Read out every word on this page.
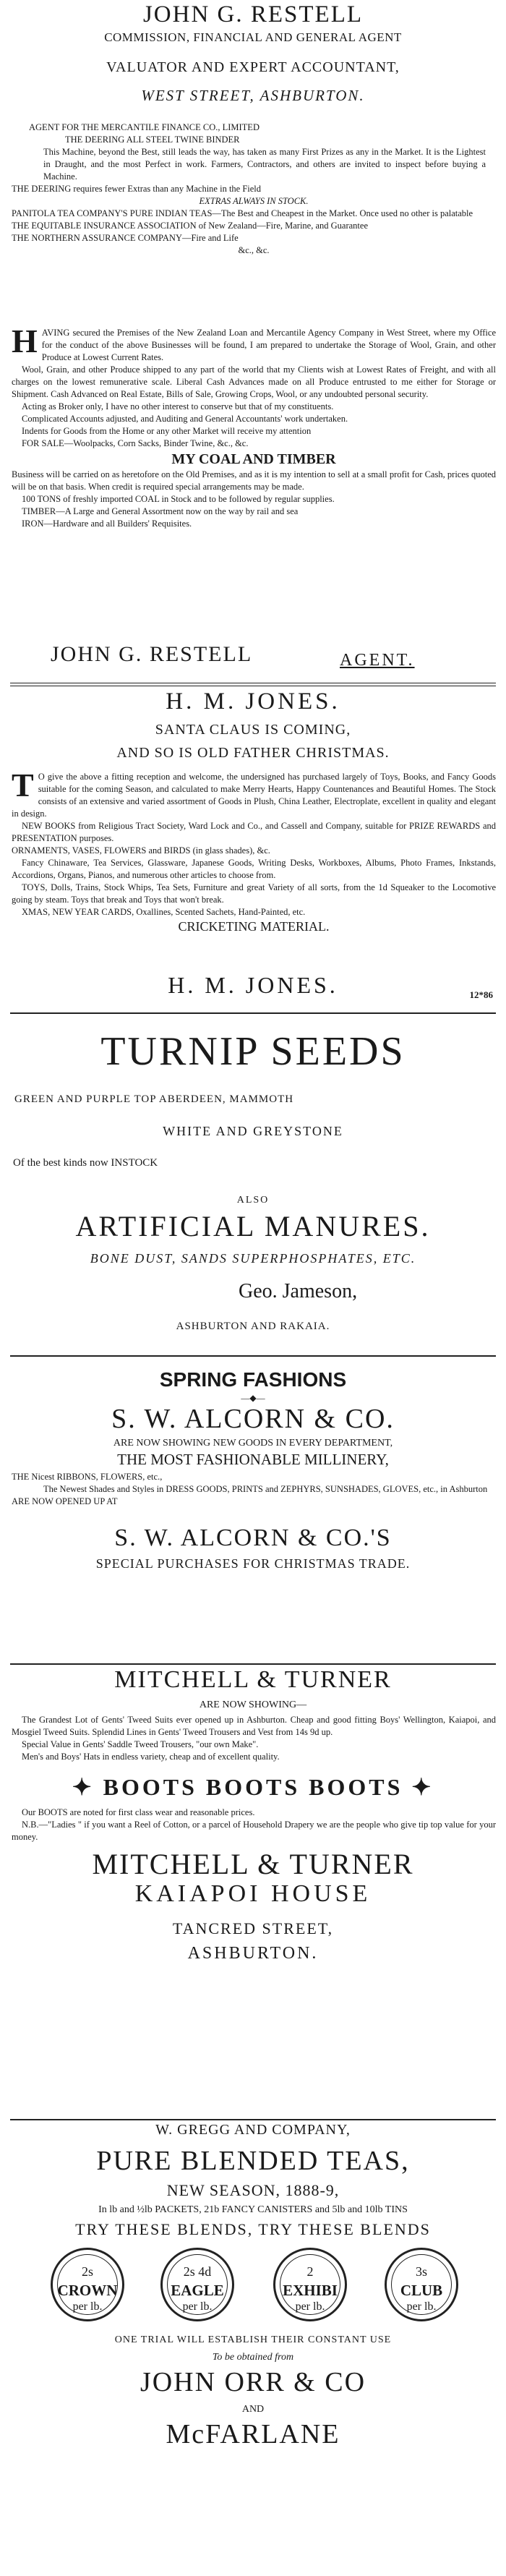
JOHN G. RESTELL
COMMISSION, FINANCIAL AND GENERAL AGENT
VALUATOR AND EXPERT ACCOUNTANT,
WEST STREET, ASHBURTON.

AGENT FOR THE MERCANTILE FINANCE CO., LIMITED

THE DEERING ALL STEEL TWINE BINDER

This Machine, beyond the Best, still leads the way, has taken as many First Prizes as any in the Market. It is the Lightest in Draught, and the most Perfect in work. Farmers, Contractors, and others are invited to inspect before buying a Machine.

THE DEERING requires fewer Extras than any Machine in the Field

EXTRAS ALWAYS IN STOCK.

PANITOLA TEA COMPANY'S PURE INDIAN TEAS—The Best and Cheapest in the Market. Once used no other is palatable

THE EQUITABLE INSURANCE ASSOCIATION of New Zealand—Fire, Marine, and Guarantee

THE NORTHERN ASSURANCE COMPANY—Fire and Life

&c., &c.

H AVING secured the Premises of the New Zealand Loan and Mercantile Agency Company in West Street, where my Office for the conduct of the above Businesses will be found, I am prepared to undertake the Storage of Wool, Grain, and other Produce at Lowest Current Rates.

Wool, Grain, and other Produce shipped to any part of the world that my Clients wish at Lowest Rates of Freight, and with all charges on the lowest remunerative scale. Liberal Cash Advances made on all Produce entrusted to me either for Storage or Shipment. Cash Advanced on Real Estate, Bills of Sale, Growing Crops, Wool, or any undoubted personal security.

Acting as Broker only, I have no other interest to conserve but that of my constituents.

Complicated Accounts adjusted, and Auditing and General Accountants' work undertaken.

Indents for Goods from the Home or any other Market will receive my attention

FOR SALE—Woolpacks, Corn Sacks, Binder Twine, &c., &c.

MY COAL AND TIMBER

Business will be carried on as heretofore on the Old Premises, and as it is my intention to sell at a small profit for Cash, prices quoted will be on that basis. When credit is required special arrangements may be made.

100 TONS of freshly imported COAL in Stock and to be followed by regular supplies.

TIMBER—A Large and General Assortment now on the way by rail and sea

IRON—Hardware and all Builders' Requisites.

JOHN G. RESTELL	AGENT.
H. M. JONES.
SANTA CLAUS IS COMING,
AND SO IS OLD FATHER CHRISTMAS.

T O give the above a fitting reception and welcome, the undersigned has purchased largely of Toys, Books, and Fancy Goods suitable for the coming Season, and calculated to make Merry Hearts, Happy Countenances and Beautiful Homes. The Stock consists of an extensive and varied assortment of Goods in Plush, China Leather, Electroplate, excellent in quality and elegant in design.

NEW BOOKS from Religious Tract Society, Ward Lock and Co., and Cassell and Company, suitable for PRIZE REWARDS and PRESENTATION purposes.

ORNAMENTS, VASES, FLOWERS and BIRDS (in glass shades), &c.

Fancy Chinaware, Tea Services, Glassware, Japanese Goods, Writing Desks, Workboxes, Albums, Photo Frames, Inkstands, Accordions, Organs, Pianos, and numerous other articles to choose from.

TOYS, Dolls, Trains, Stock Whips, Tea Sets, Furniture and great Variety of all sorts, from the 1d Squeaker to the Locomotive going by steam. Toys that break and Toys that won't break.

XMAS, NEW YEAR CARDS, Oxallines, Scented Sachets, Hand-Painted, etc.

CRICKETING MATERIAL.

H. M. JONES.	12*86
TURNIP SEEDS
GREEN AND PURPLE TOP ABERDEEN, MAMMOTH
WHITE AND GREYSTONE
Of the best kinds now INSTOCK
ALSO
ARTIFICIAL MANURES.
BONE DUST, SANDS SUPERPHOSPHATES, ETC.
Geo. Jameson,
ASHBURTON AND RAKAIA.
SPRING FASHIONS
—◆—
S. W. ALCORN & CO.
ARE NOW SHOWING NEW GOODS IN EVERY DEPARTMENT,
THE MOST FASHIONABLE MILLINERY,

THE Nicest RIBBONS, FLOWERS, etc.,

The Newest Shades and Styles in DRESS GOODS, PRINTS and ZEPHYRS, SUNSHADES, GLOVES, etc., in Ashburton

ARE NOW OPENED UP AT

S. W. ALCORN & CO.'S
SPECIAL PURCHASES FOR CHRISTMAS TRADE.
MITCHELL & TURNER
ARE NOW SHOWING—

The Grandest Lot of Gents' Tweed Suits ever opened up in Ashburton. Cheap and good fitting Boys' Wellington, Kaiapoi, and Mosgiel Tweed Suits. Splendid Lines in Gents' Tweed Trousers and Vest from 14s 9d up.

Special Value in Gents' Saddle Tweed Trousers, "our own Make".

Men's and Boys' Hats in endless variety, cheap and of excellent quality.

✦ BOOTS BOOTS BOOTS ✦

Our BOOTS are noted for first class wear and reasonable prices.

N.B.—"Ladies " if you want a Reel of Cotton, or a parcel of Household Drapery we are the people who give tip top value for your money.

MITCHELL & TURNER
KAIAPOI HOUSE
TANCRED STREET,
ASHBURTON.
W. GREGG AND COMPANY,
PURE BLENDED TEAS,
NEW SEASON, 1888-9,
In lb and ½lb PACKETS, 21b FANCY CANISTERS and 5lb and 10lb TINS
TRY THESE BLENDS, TRY THESE BLENDS
2s
CROWN
per lb.
2s 4d
EAGLE
per lb.
2
EXHIBI
per lb.
3s
CLUB
per lb.
ONE TRIAL WILL ESTABLISH THEIR CONSTANT USE
To be obtained from
JOHN ORR & CO
AND
McFARLANE
